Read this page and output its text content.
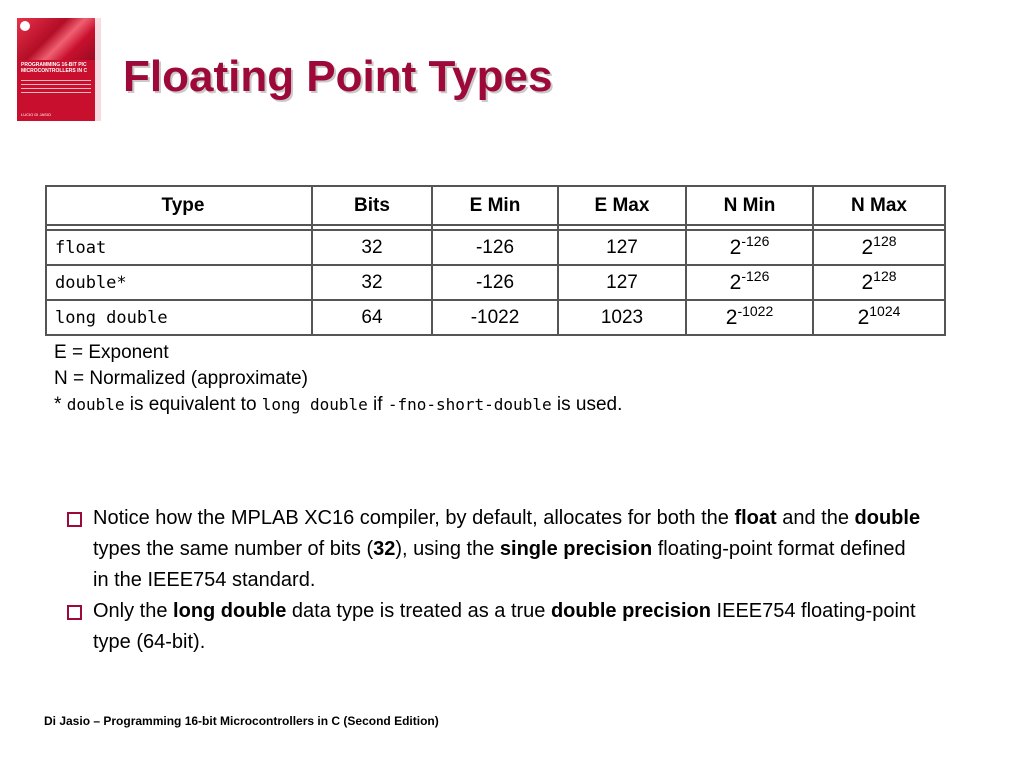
PROGRAMMING 16-BIT PIC MICROCONTROLLERS IN C
LUCIO DI JASIO
Floating Point Types
Type	Bits	E Min	E Max	N Min	N Max

float	32	-126	127	$2^{-126}$	$2^{128}$
double*	32	-126	127	$2^{-126}$	$2^{128}$
long double	64	-1022	1023	$2^{-1022}$	$2^{1024}$
E = Exponent
N = Normalized (approximate)
* double is equivalent to long double if -fno-short-double is used.
Notice how the MPLAB XC16 compiler, by default, allocates for both the float and the double types the same number of bits (32), using the single precision floating-point format defined in the IEEE754 standard.
Only the long double data type is treated as a true double precision IEEE754 floating-point type (64-bit).
Di Jasio – Programming 16-bit Microcontrollers in C (Second Edition)
